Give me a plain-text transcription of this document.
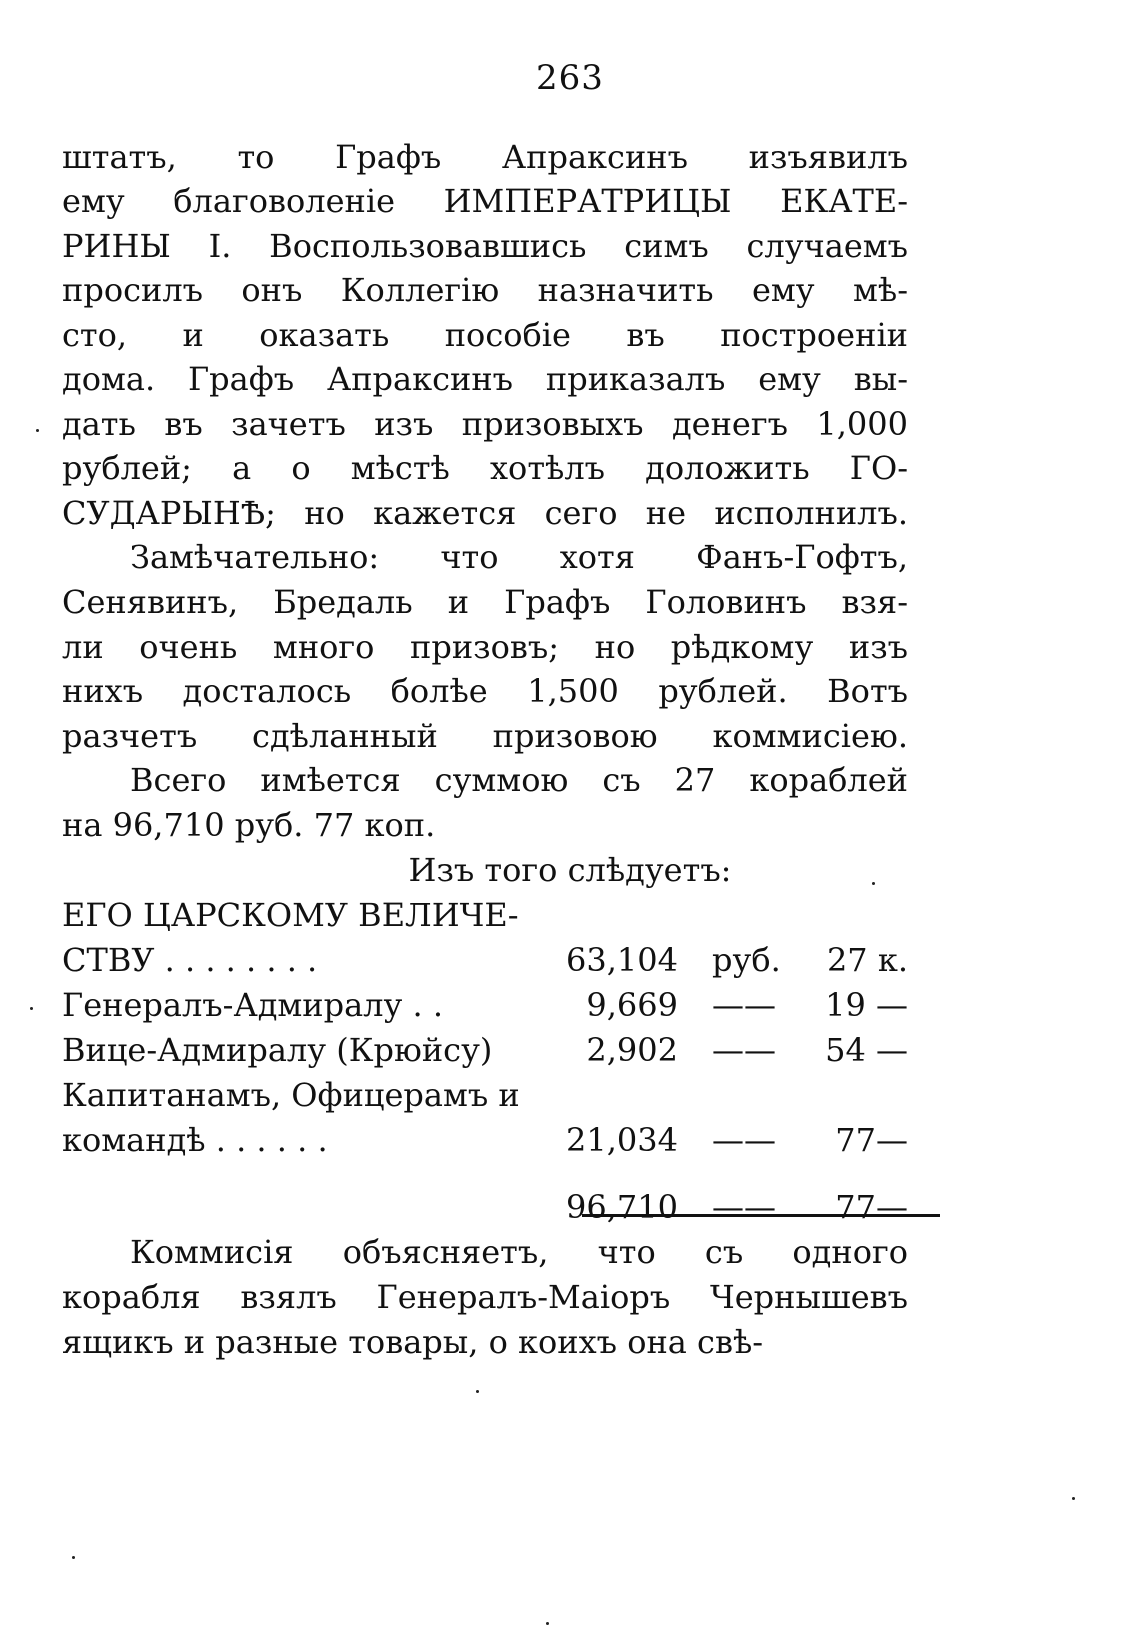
263
штатъ, то Графъ Апраксинъ изъявилъ
ему благоволеніе ИМПЕРАТРИЦЫ ЕКАТЕ-
РИНЫ I. Воспользовавшись симъ случаемъ
просилъ онъ Коллегію назначить ему мѣ-
сто, и оказать пособіе въ построеніи
дома. Графъ Апраксинъ приказалъ ему вы-
дать въ зачетъ изъ призовыхъ денегъ 1,000
рублей; а о мѣстѣ хотѣлъ доложить ГО-
СУДАРЫНѢ; но кажется сего не исполнилъ.
Замѣчательно: что хотя Фанъ-Гофтъ,
Сенявинъ, Бредаль и Графъ Головинъ взя-
ли очень много призовъ; но рѣдкому изъ
нихъ досталось болѣе 1,500 рублей. Вотъ
разчетъ сдѣланный призовою коммисіею.
Всего имѣется суммою съ 27 кораблей
на 96,710 руб. 77 коп.
Изъ того слѣдуетъ:
ЕГО ЦАРСКОМУ ВЕЛИЧЕ-
СТВУ . . . . . . . .	63,104 руб. 27 к.
Генералъ-Адмиралу . .	9,669 —— 19 —
Вице-Адмиралу (Крюйсу)	2,902 —— 54 —
Капитанамъ, Офицерамъ и
командѣ . . . . . .	21,034 —— 77—
96,710 —— 77—
Коммисія объясняетъ, что съ одного
корабля взялъ Генералъ-Маіоръ Чернышевъ
ящикъ и разные товары, о коихъ она свѣ-
